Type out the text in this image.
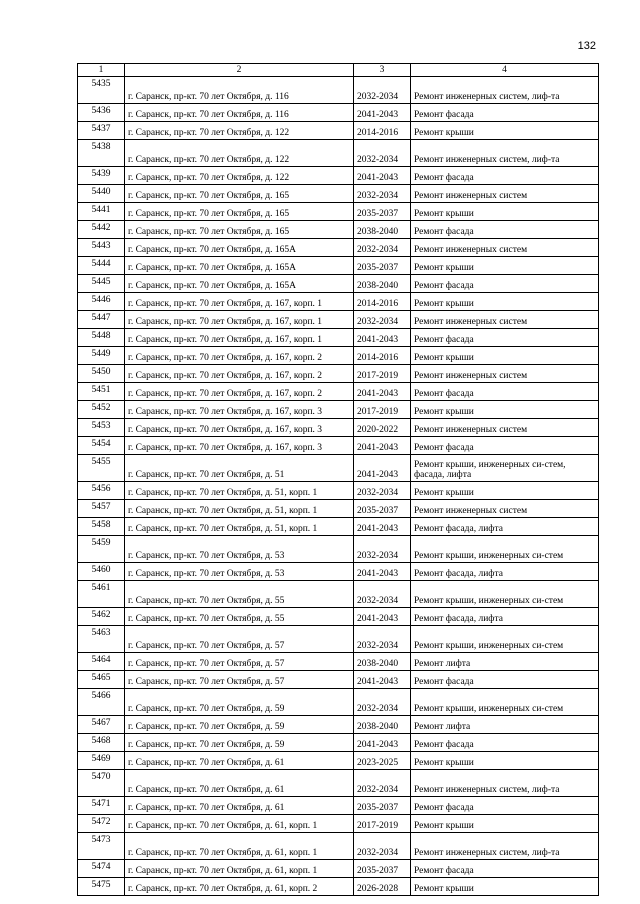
132
1	2	3	4
5435	г. Саранск, пр-кт. 70 лет Октября, д. 116	2032-2034	Ремонт инженерных систем, лиф-та
5436	г. Саранск, пр-кт. 70 лет Октября, д. 116	2041-2043	Ремонт фасада
5437	г. Саранск, пр-кт. 70 лет Октября, д. 122	2014-2016	Ремонт крыши
5438	г. Саранск, пр-кт. 70 лет Октября, д. 122	2032-2034	Ремонт инженерных систем, лиф-та
5439	г. Саранск, пр-кт. 70 лет Октября, д. 122	2041-2043	Ремонт фасада
5440	г. Саранск, пр-кт. 70 лет Октября, д. 165	2032-2034	Ремонт инженерных систем
5441	г. Саранск, пр-кт. 70 лет Октября, д. 165	2035-2037	Ремонт крыши
5442	г. Саранск, пр-кт. 70 лет Октября, д. 165	2038-2040	Ремонт фасада
5443	г. Саранск, пр-кт. 70 лет Октября, д. 165А	2032-2034	Ремонт инженерных систем
5444	г. Саранск, пр-кт. 70 лет Октября, д. 165А	2035-2037	Ремонт крыши
5445	г. Саранск, пр-кт. 70 лет Октября, д. 165А	2038-2040	Ремонт фасада
5446	г. Саранск, пр-кт. 70 лет Октября, д. 167, корп. 1	2014-2016	Ремонт крыши
5447	г. Саранск, пр-кт. 70 лет Октября, д. 167, корп. 1	2032-2034	Ремонт инженерных систем
5448	г. Саранск, пр-кт. 70 лет Октября, д. 167, корп. 1	2041-2043	Ремонт фасада
5449	г. Саранск, пр-кт. 70 лет Октября, д. 167, корп. 2	2014-2016	Ремонт крыши
5450	г. Саранск, пр-кт. 70 лет Октября, д. 167, корп. 2	2017-2019	Ремонт инженерных систем
5451	г. Саранск, пр-кт. 70 лет Октября, д. 167, корп. 2	2041-2043	Ремонт фасада
5452	г. Саранск, пр-кт. 70 лет Октября, д. 167, корп. 3	2017-2019	Ремонт крыши
5453	г. Саранск, пр-кт. 70 лет Октября, д. 167, корп. 3	2020-2022	Ремонт инженерных систем
5454	г. Саранск, пр-кт. 70 лет Октября, д. 167, корп. 3	2041-2043	Ремонт фасада
5455	г. Саранск, пр-кт. 70 лет Октября, д. 51	2041-2043	Ремонт крыши, инженерных си-стем, фасада, лифта
5456	г. Саранск, пр-кт. 70 лет Октября, д. 51, корп. 1	2032-2034	Ремонт крыши
5457	г. Саранск, пр-кт. 70 лет Октября, д. 51, корп. 1	2035-2037	Ремонт инженерных систем
5458	г. Саранск, пр-кт. 70 лет Октября, д. 51, корп. 1	2041-2043	Ремонт фасада, лифта
5459	г. Саранск, пр-кт. 70 лет Октября, д. 53	2032-2034	Ремонт крыши, инженерных си-стем
5460	г. Саранск, пр-кт. 70 лет Октября, д. 53	2041-2043	Ремонт фасада, лифта
5461	г. Саранск, пр-кт. 70 лет Октября, д. 55	2032-2034	Ремонт крыши, инженерных си-стем
5462	г. Саранск, пр-кт. 70 лет Октября, д. 55	2041-2043	Ремонт фасада, лифта
5463	г. Саранск, пр-кт. 70 лет Октября, д. 57	2032-2034	Ремонт крыши, инженерных си-стем
5464	г. Саранск, пр-кт. 70 лет Октября, д. 57	2038-2040	Ремонт лифта
5465	г. Саранск, пр-кт. 70 лет Октября, д. 57	2041-2043	Ремонт фасада
5466	г. Саранск, пр-кт. 70 лет Октября, д. 59	2032-2034	Ремонт крыши, инженерных си-стем
5467	г. Саранск, пр-кт. 70 лет Октября, д. 59	2038-2040	Ремонт лифта
5468	г. Саранск, пр-кт. 70 лет Октября, д. 59	2041-2043	Ремонт фасада
5469	г. Саранск, пр-кт. 70 лет Октября, д. 61	2023-2025	Ремонт крыши
5470	г. Саранск, пр-кт. 70 лет Октября, д. 61	2032-2034	Ремонт инженерных систем, лиф-та
5471	г. Саранск, пр-кт. 70 лет Октября, д. 61	2035-2037	Ремонт фасада
5472	г. Саранск, пр-кт. 70 лет Октября, д. 61, корп. 1	2017-2019	Ремонт крыши
5473	г. Саранск, пр-кт. 70 лет Октября, д. 61, корп. 1	2032-2034	Ремонт инженерных систем, лиф-та
5474	г. Саранск, пр-кт. 70 лет Октября, д. 61, корп. 1	2035-2037	Ремонт фасада
5475	г. Саранск, пр-кт. 70 лет Октября, д. 61, корп. 2	2026-2028	Ремонт крыши
